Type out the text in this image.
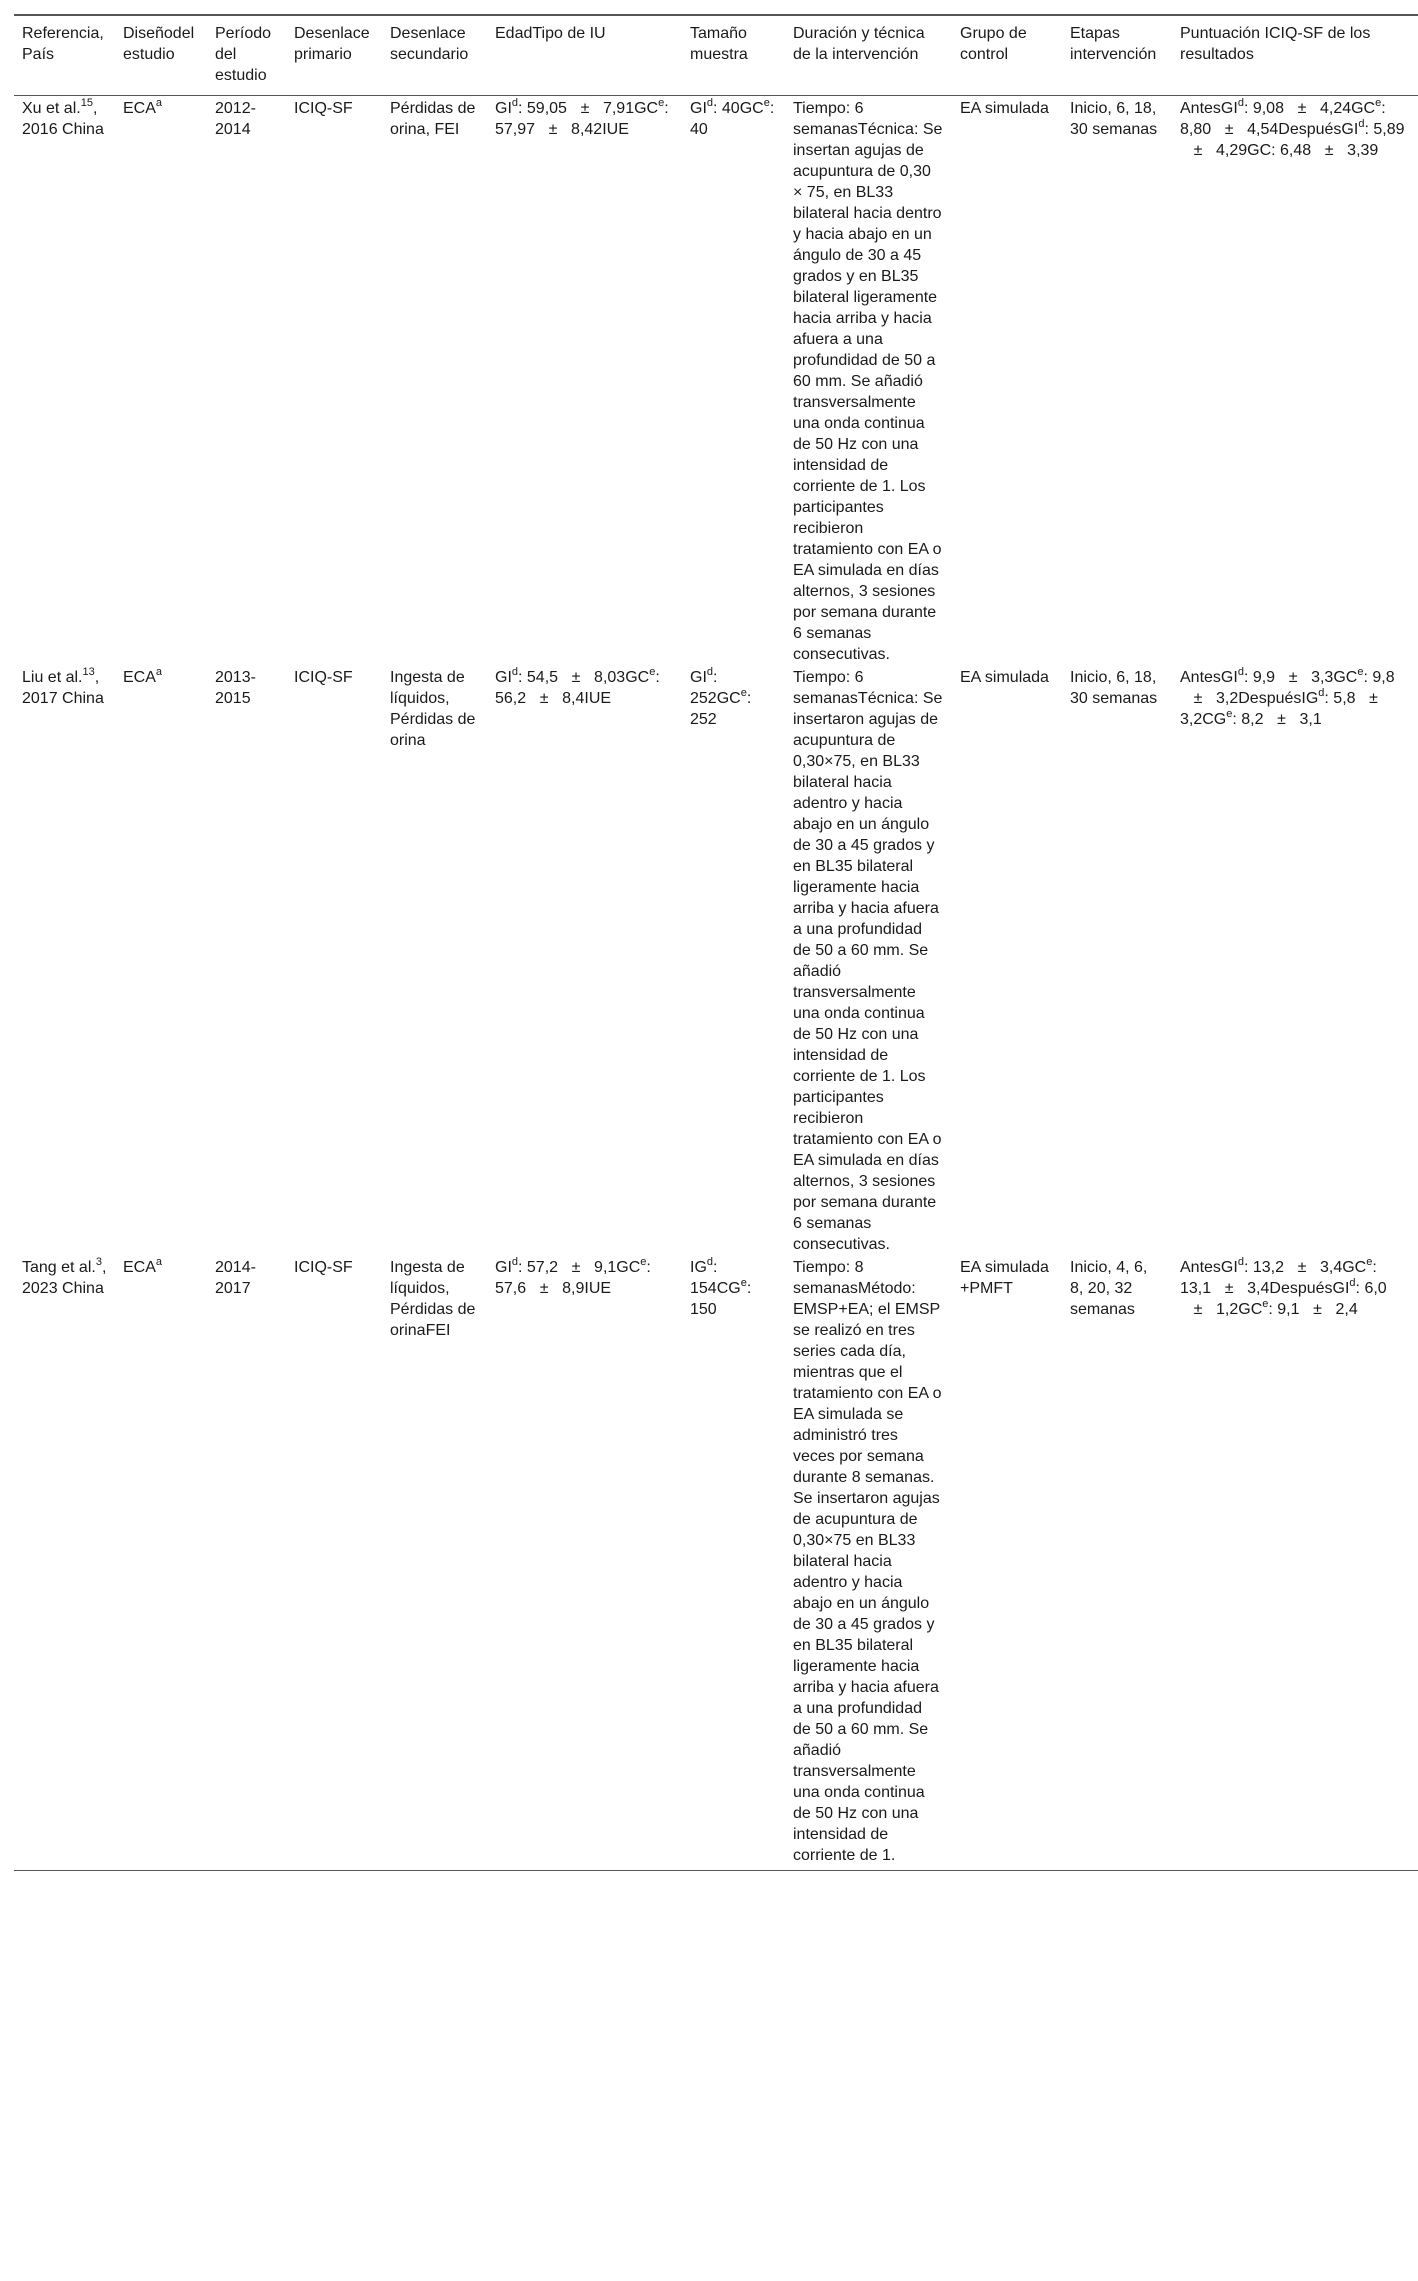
Referencia, País	Diseñodel estudio	Período del estudio	Desenlace primario	Desenlace secundario	EdadTipo de IU	Tamaño muestra	Duración y técnica de la intervención	Grupo de control	Etapas intervención	Puntuación ICIQ-SF de los resultados
Xu et al.$^{15}$, 2016 China	ECA$^a$	2012-2014	ICIQ-SF	Pérdidas de orina, FEI	$GI^d$: $59,05 \pm 7,91GC^e$: 57,97 ± 8,42IUE	$GI^d$: $40GC^e$: 40	Tiempo: 6 semanasTécnica: Se insertan agujas de acupuntura de 0,30 × 75, en BL33 bilateral hacia dentro y hacia abajo en un ángulo de 30 a 45 grados y en BL35 bilateral ligeramente hacia arriba y hacia afuera a una profundidad de 50 a 60 mm. Se añadió transversalmente una onda continua de 50 Hz con una intensidad de corriente de 1. Los participantes recibieron tratamiento con EA o EA simulada en días alternos, 3 sesiones por semana durante 6 semanas consecutivas.	EA simulada	Inicio, 6, 18, 30 semanas	AntesGI$^d$: $9,08 \pm 4,24GC^e$: 8,80 ± 4,54DespuésGI$^d$: 5,89± 4,29GC: 6,48 ± 3,39
Liu et al.$^{13}$, 2017 China	ECA$^a$	2013-2015	ICIQ-SF	Ingesta de líquidos, Pérdidas de orina	$GI^d$: $54,5 \pm 8,03GC^e$: 56,2 ± 8,4IUE	$GI^d$: $252GC^e$: 252	Tiempo: 6 semanasTécnica: Se insertaron agujas de acupuntura de 0,30×75, en BL33 bilateral hacia adentro y hacia abajo en un ángulo de 30 a 45 grados y en BL35 bilateral ligeramente hacia arriba y hacia afuera a una profundidad de 50 a 60 mm. Se añadió transversalmente una onda continua de 50 Hz con una intensidad de corriente de 1. Los participantes recibieron tratamiento con EA o EA simulada en días alternos, 3 sesiones por semana durante 6 semanas consecutivas.	EA simulada	Inicio, 6, 18, 30 semanas	AntesGI$^d$: $9,9 \pm 3,3GC^e$: 9,8± 3,2DespuésIG$^d$: $5,8 \pm 3,2CG^e$: 8,2 ± 3,1
Tang et al.$^3$, 2023 China	ECA$^a$	2014-2017	ICIQ-SF	Ingesta de líquidos, Pérdidas de orinaFEI	$GI^d$: $57,2 \pm 9,1GC^e$: 57,6 ± 8,9IUE	$IG^d$: $154CG^e$: 150	Tiempo: 8 semanasMétodo: EMSP+EA; el EMSP se realizó en tres series cada día, mientras que el tratamiento con EA o EA simulada se administró tres veces por semana durante 8 semanas. Se insertaron agujas de acupuntura de 0,30×75 en BL33 bilateral hacia adentro y hacia abajo en un ángulo de 30 a 45 grados y en BL35 bilateral ligeramente hacia arriba y hacia afuera a una profundidad de 50 a 60 mm. Se añadió transversalmente una onda continua de 50 Hz con una intensidad de corriente de 1.	EA simulada +PMFT	Inicio, 4, 6, 8, 20, 32 semanas	AntesGI$^d$: $13,2 \pm 3,4GC^e$: 13,1 ± 3,4DespuésGI$^d$: $6,0\pm 1,2GC^e$: 9,1 ± 2,4
